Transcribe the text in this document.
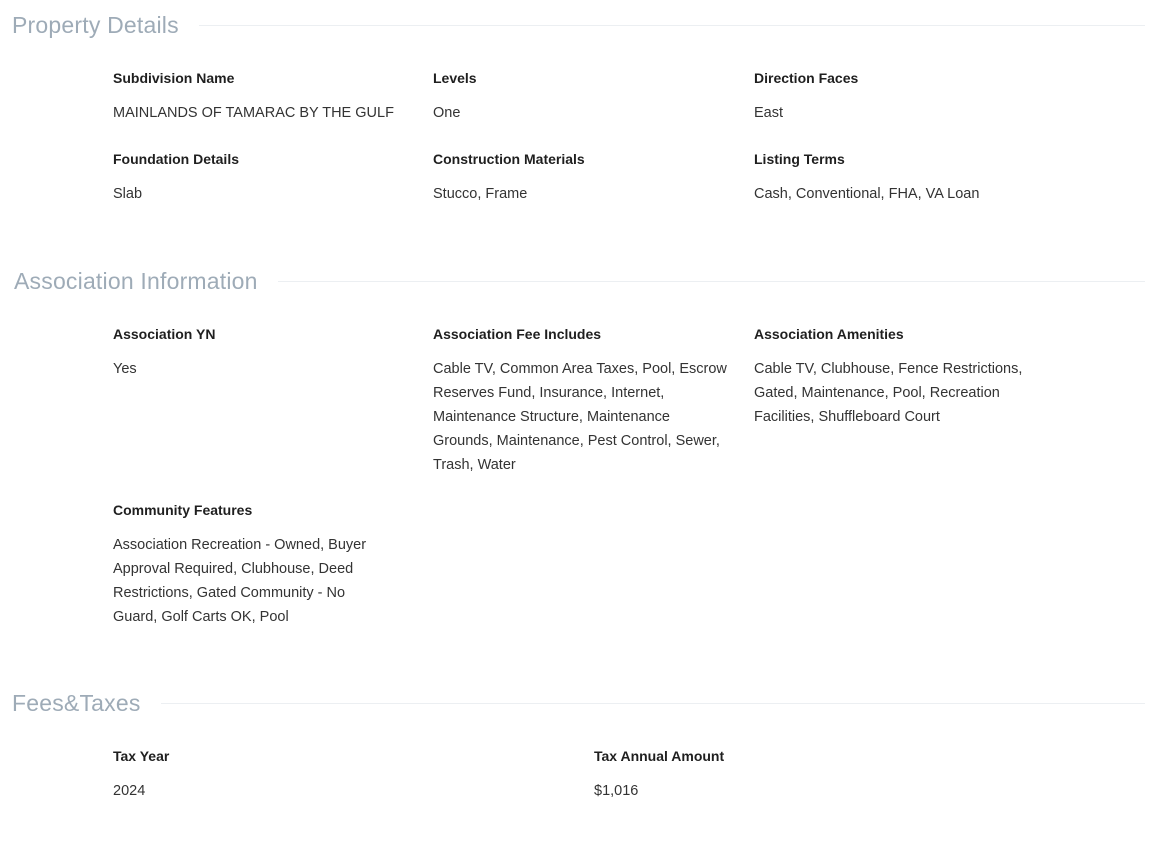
Property Details
Subdivision Name
MAINLANDS OF TAMARAC BY THE GULF
Levels
One
Direction Faces
East
Foundation Details
Slab
Construction Materials
Stucco, Frame
Listing Terms
Cash, Conventional, FHA, VA Loan
Association Information
Association YN
Yes
Association Fee Includes
Cable TV, Common Area Taxes, Pool, Escrow Reserves Fund, Insurance, Internet, Maintenance Structure, Maintenance Grounds, Maintenance, Pest Control, Sewer, Trash, Water
Association Amenities
Cable TV, Clubhouse, Fence Restrictions, Gated, Maintenance, Pool, Recreation Facilities, Shuffleboard Court
Community Features
Association Recreation - Owned, Buyer Approval Required, Clubhouse, Deed Restrictions, Gated Community - No Guard, Golf Carts OK, Pool
Fees&Taxes
Tax Year
2024
Tax Annual Amount
$1,016
